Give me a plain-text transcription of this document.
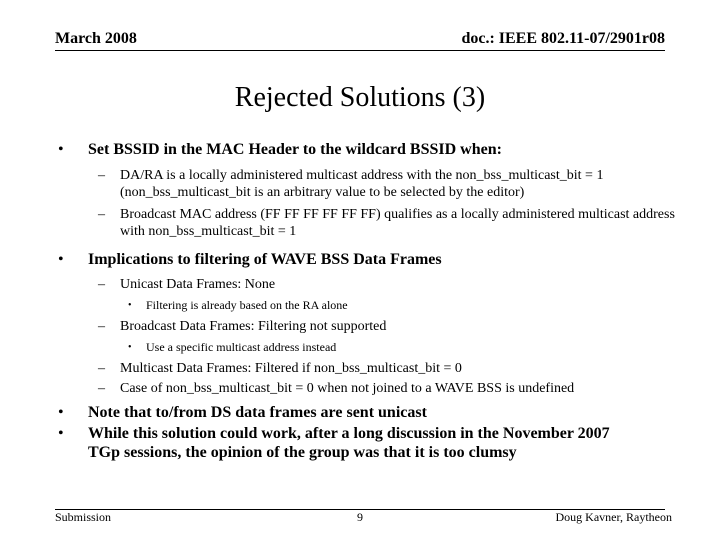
March 2008	doc.: IEEE 802.11-07/2901r08
Rejected Solutions (3)
• Set BSSID in the MAC Header to the wildcard BSSID when:
– DA/RA is a locally administered multicast address with the non_bss_multicast_bit = 1 (non_bss_multicast_bit is an arbitrary value to be selected by the editor)
– Broadcast MAC address (FF FF FF FF FF FF) qualifies as a locally administered multicast address with non_bss_multicast_bit = 1
• Implications to filtering of WAVE BSS Data Frames
– Unicast Data Frames: None
• Filtering is already based on the RA alone
– Broadcast Data Frames: Filtering not supported
• Use a specific multicast address instead
– Multicast Data Frames: Filtered if non_bss_multicast_bit = 0
– Case of non_bss_multicast_bit = 0 when not joined to a WAVE BSS is undefined
• Note that to/from DS data frames are sent unicast
• While this solution could work, after a long discussion in the November 2007 TGp sessions, the opinion of the group was that it is too clumsy
Submission	9	Doug Kavner, Raytheon
